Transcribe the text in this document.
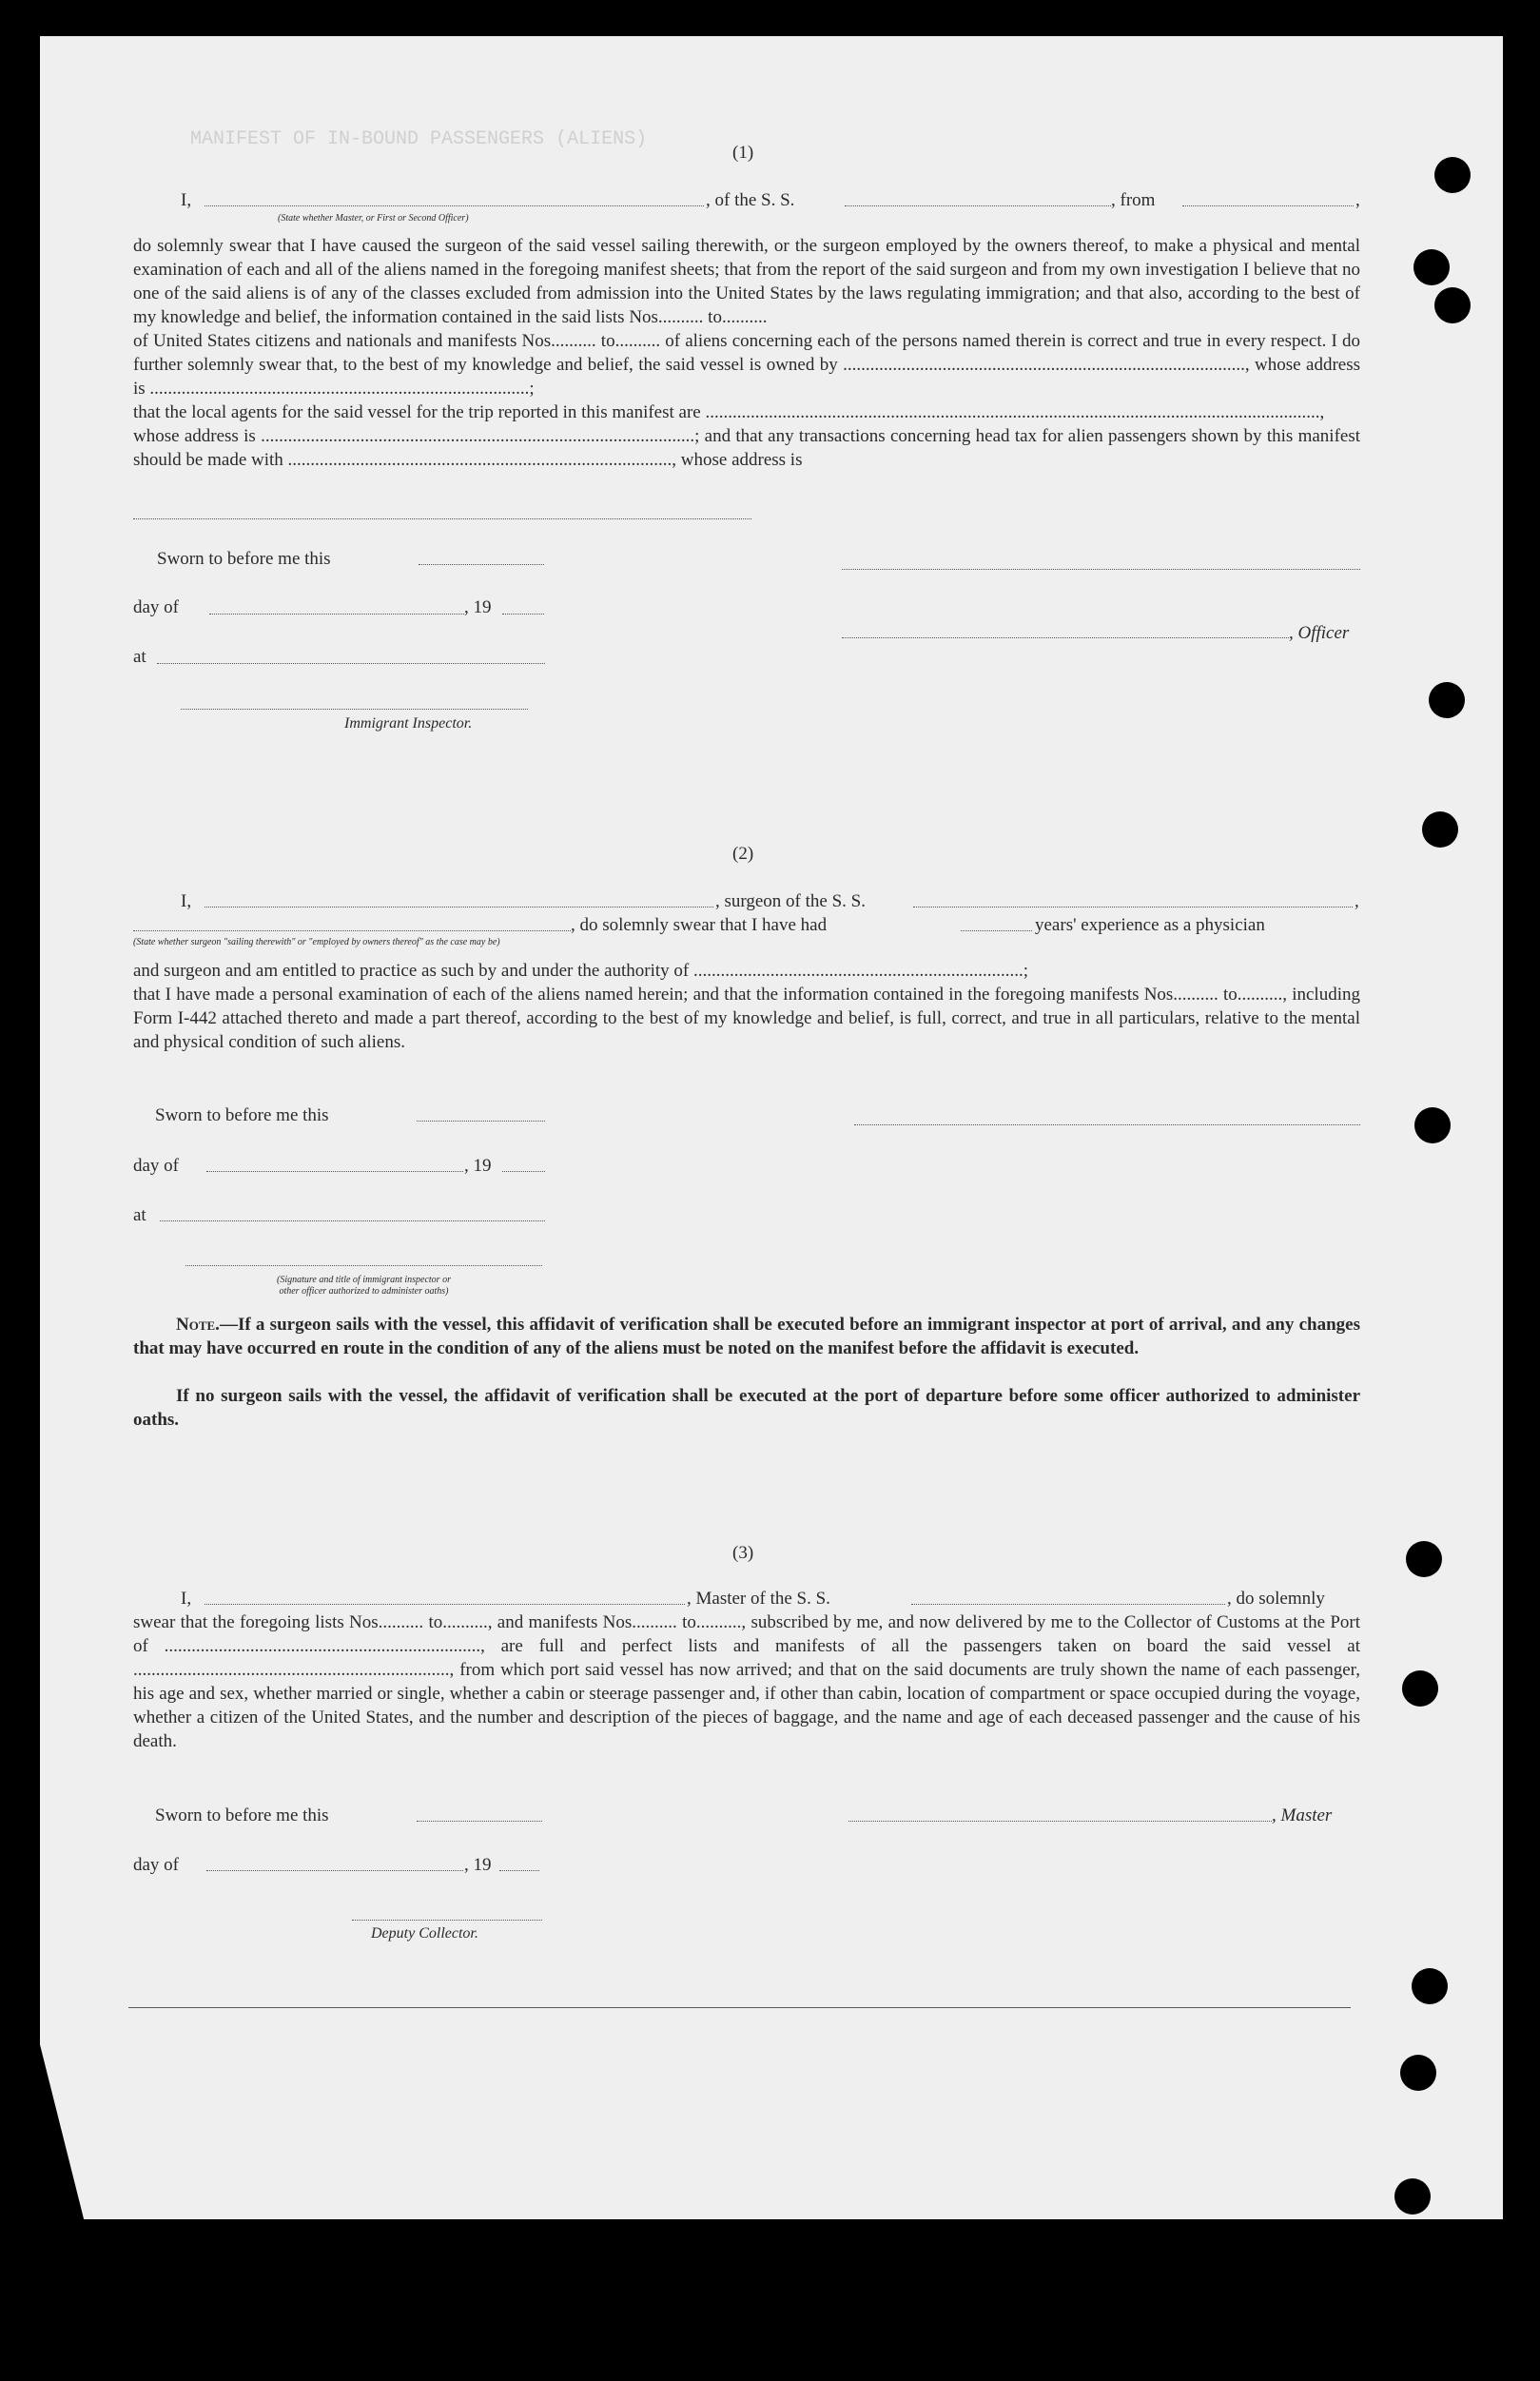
MANIFEST OF IN-BOUND PASSENGERS (ALIENS)
(1)
I,	, of the S. S.	, from	,
(State whether Master, or First or Second Officer)
do solemnly swear that I have caused the surgeon of the said vessel sailing therewith, or the surgeon employed by the owners thereof, to make a physical and mental examination of each and all of the aliens named in the foregoing manifest sheets; that from the report of the said surgeon and from my own investigation I believe that no one of the said aliens is of any of the classes excluded from admission into the United States by the laws regulating immigration; and that also, according to the best of my knowledge and belief, the information contained in the said lists Nos.......... to..........
of United States citizens and nationals and manifests Nos.......... to.......... of aliens concerning each of the persons named therein is correct and true in every respect. I do further solemnly swear that, to the best of my knowledge and belief, the said vessel is owned by ........................................................................................., whose address is ....................................................................................;
that the local agents for the said vessel for the trip reported in this manifest are ........................................................................................................................................,
whose address is ................................................................................................; and that any transactions concerning head tax for alien passengers shown by this manifest should be made with ....................................................................................., whose address is
Sworn to before me this
day of	, 19
, Officer
at
Immigrant Inspector.
(2)
I,	, surgeon of the S. S.	,
, do solemnly swear that I have had	years' experience as a physician
(State whether surgeon "sailing therewith" or "employed by owners thereof" as the case may be)
and surgeon and am entitled to practice as such by and under the authority of .........................................................................;
that I have made a personal examination of each of the aliens named herein; and that the information contained in the foregoing manifests Nos.......... to.........., including Form I-442 attached thereto and made a part thereof, according to the best of my knowledge and belief, is full, correct, and true in all particulars, relative to the mental and physical condition of such aliens.
Sworn to before me this
day of	, 19
at
(Signature and title of immigrant inspector or
other officer authorized to administer oaths)
Note.—If a surgeon sails with the vessel, this affidavit of verification shall be executed before an immigrant inspector at port of arrival, and any changes that may have occurred en route in the condition of any of the aliens must be noted on the manifest before the affidavit is executed.
If no surgeon sails with the vessel, the affidavit of verification shall be executed at the port of departure before some officer authorized to administer oaths.
(3)
I,	, Master of the S. S.	, do solemnly
swear that the foregoing lists Nos.......... to.........., and manifests Nos.......... to.........., subscribed by me, and now delivered by me to the Collector of Customs at the Port of ......................................................................, are full and perfect lists and manifests of all the passengers taken on board the said vessel at ......................................................................, from which port said vessel has now arrived; and that on the said documents are truly shown the name of each passenger, his age and sex, whether married or single, whether a cabin or steerage passenger and, if other than cabin, location of compartment or space occupied during the voyage, whether a citizen of the United States, and the number and description of the pieces of baggage, and the name and age of each deceased passenger and the cause of his death.
Sworn to before me this	, Master
day of	, 19
Deputy Collector.
